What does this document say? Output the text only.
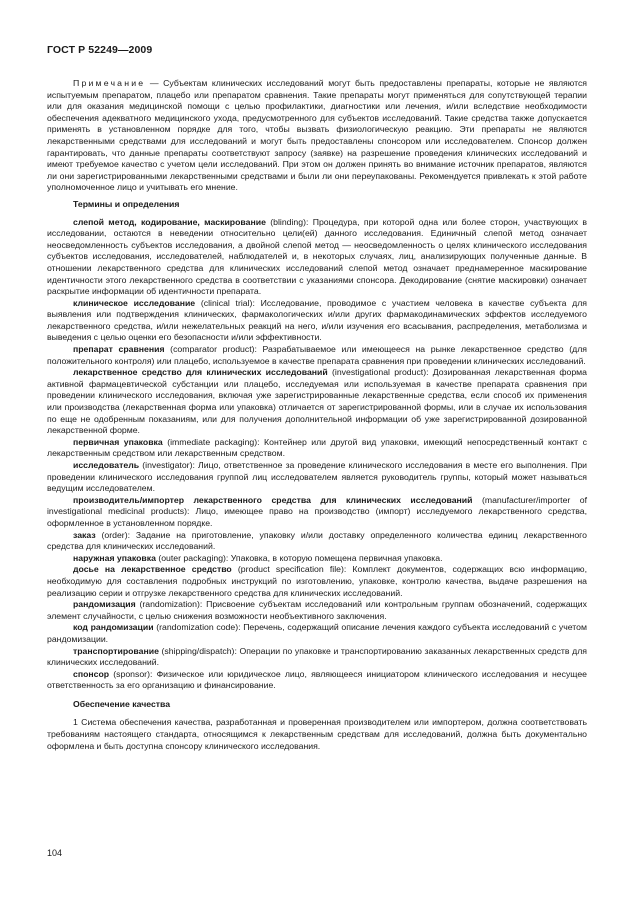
ГОСТ Р 52249—2009

Примечание — Субъектам клинических исследований могут быть предоставлены препараты, которые не являются испытуемым препаратом, плацебо или препаратом сравнения. Такие препараты могут применяться для сопутствующей терапии или для оказания медицинской помощи с целью профилактики, диагностики или лечения, и/или вследствие необходимости обеспечения адекватного медицинского ухода, предусмотренного для субъектов исследований. Такие средства также допускается применять в установленном порядке для того, чтобы вызвать физиологическую реакцию. Эти препараты не являются лекарственными средствами для исследований и могут быть предоставлены спонсором или исследователем. Спонсор должен гарантировать, что данные препараты соответствуют запросу (заявке) на разрешение проведения клинических исследований и имеют требуемое качество с учетом цели исследований. При этом он должен принять во внимание источник препаратов, являются ли они зарегистрированными лекарственными средствами и были ли они переупакованы. Рекомендуется привлекать к этой работе уполномоченное лицо и учитывать его мнение.

Термины и определения

слепой метод, кодирование, маскирование (blinding): Процедура, при которой одна или более сторон, участвующих в исследовании, остаются в неведении относительно цели(ей) данного исследования. Единичный слепой метод означает неосведомленность субъектов исследования, а двойной слепой метод — неосведомленность о целях клинического исследования субъектов исследования, исследователей, наблюдателей и, в некоторых случаях, лиц, анализирующих полученные данные. В отношении лекарственного средства для клинических исследований слепой метод означает преднамеренное маскирование идентичности этого лекарственного средства в соответствии с указаниями спонсора. Декодирование (снятие маскировки) означает раскрытие информации об идентичности препарата.

клиническое исследование (clinical trial): Исследование, проводимое с участием человека в качестве субъекта для выявления или подтверждения клинических, фармакологических и/или других фармакодинамических эффектов исследуемого лекарственного средства, и/или нежелательных реакций на него, и/или изучения его всасывания, распределения, метаболизма и выведения с целью оценки его безопасности и/или эффективности.

препарат сравнения (comparator product): Разрабатываемое или имеющееся на рынке лекарственное средство (для положительного контроля) или плацебо, используемое в качестве препарата сравнения при проведении клинических исследований.

лекарственное средство для клинических исследований (investigational product): Дозированная лекарственная форма активной фармацевтической субстанции или плацебо, исследуемая или используемая в качестве препарата сравнения при проведении клинического исследования, включая уже зарегистрированные лекарственные средства, если способ их применения или производства (лекарственная форма или упаковка) отличается от зарегистрированной формы, или в случае их использования по еще не одобренным показаниям, или для получения дополнительной информации об уже зарегистрированной дозированной лекарственной форме.

первичная упаковка (immediate packaging): Контейнер или другой вид упаковки, имеющий непосредственный контакт с лекарственным средством или лекарственным средством.

исследователь (investigator): Лицо, ответственное за проведение клинического исследования в месте его выполнения. При проведении клинического исследования группой лиц исследователем является руководитель группы, который может называться ведущим исследователем.

производитель/импортер лекарственного средства для клинических исследований (manufacturer/importer of investigational medicinal products): Лицо, имеющее право на производство (импорт) исследуемого лекарственного средства, оформленное в установленном порядке.

заказ (order): Задание на приготовление, упаковку и/или доставку определенного количества единиц лекарственного средства для клинических исследований.

наружная упаковка (outer packaging): Упаковка, в которую помещена первичная упаковка.

досье на лекарственное средство (product specification file): Комплект документов, содержащих всю информацию, необходимую для составления подробных инструкций по изготовлению, упаковке, контролю качества, выдаче разрешения на реализацию серии и отгрузке лекарственного средства для клинических исследований.

рандомизация (randomization): Присвоение субъектам исследований или контрольным группам обозначений, содержащих элемент случайности, с целью снижения возможности необъективного заключения.

код рандомизации (randomization code): Перечень, содержащий описание лечения каждого субъекта исследований с учетом рандомизации.

транспортирование (shipping/dispatch): Операции по упаковке и транспортированию заказанных лекарственных средств для клинических исследований.

спонсор (sponsor): Физическое или юридическое лицо, являющееся инициатором клинического исследования и несущее ответственность за его организацию и финансирование.

Обеспечение качества

1 Система обеспечения качества, разработанная и проверенная производителем или импортером, должна соответствовать требованиям настоящего стандарта, относящимся к лекарственным средствам для исследований, должна быть документально оформлена и быть доступна спонсору клинического исследования.

104
